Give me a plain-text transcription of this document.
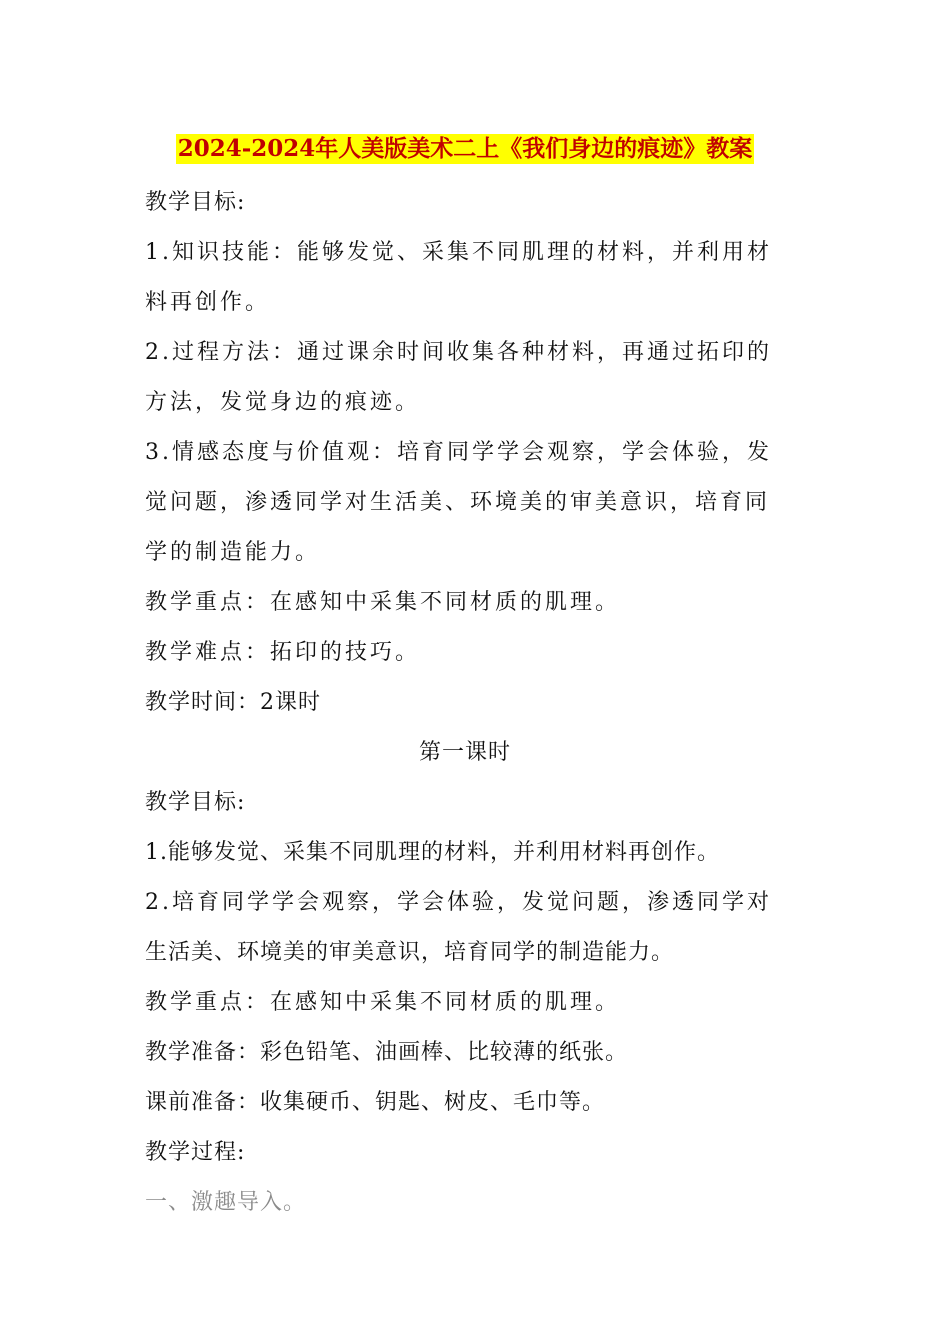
2024-2024年人美版美术二上《我们身边的痕迹》教案
教学目标:
1.知识技能：能够发觉、采集不同肌理的材料，并利用材
料再创作。
2.过程方法：通过课余时间收集各种材料，再通过拓印的
方法，发觉身边的痕迹。
3.情感态度与价值观：培育同学学会观察，学会体验，发
觉问题，渗透同学对生活美、环境美的审美意识，培育同
学的制造能力。
教学重点：在感知中采集不同材质的肌理。
教学难点：拓印的技巧。
教学时间：2课时
第一课时
教学目标:
1.能够发觉、采集不同肌理的材料，并利用材料再创作。
2.培育同学学会观察，学会体验，发觉问题，渗透同学对
生活美、环境美的审美意识，培育同学的制造能力。
教学重点：在感知中采集不同材质的肌理。
教学准备：彩色铅笔、油画棒、比较薄的纸张。
课前准备：收集硬币、钥匙、树皮、毛巾等。
教学过程:
一、激趣导入。
